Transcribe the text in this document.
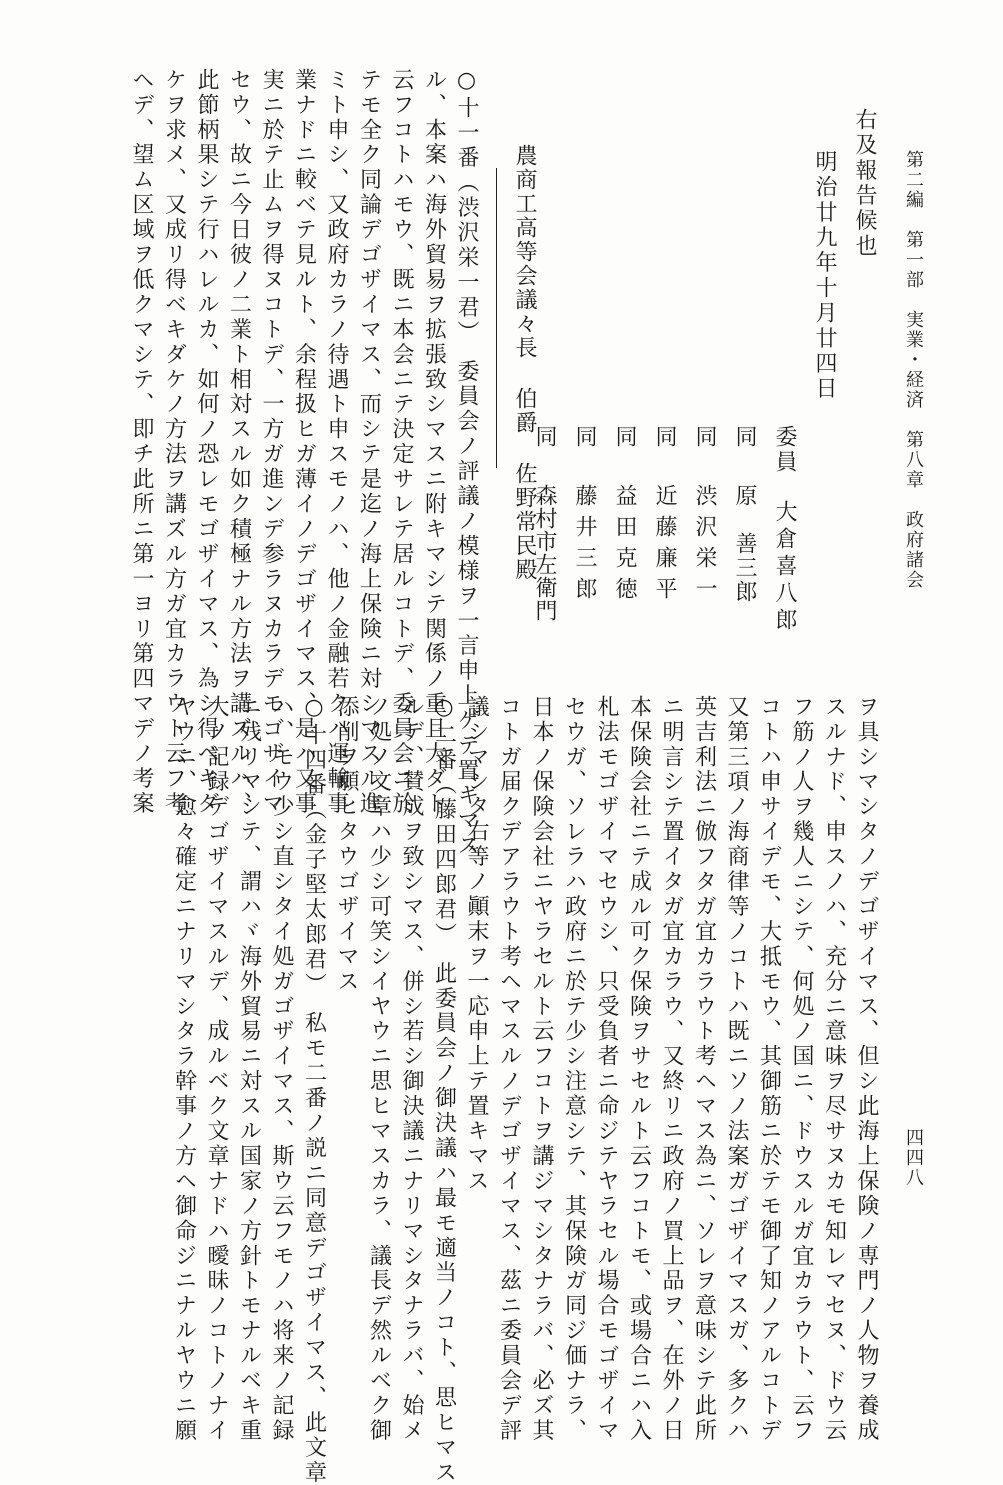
第二編　第一部　実業・経済　第八章　政府諸会
四四八
右及報告候也
明治廿九年十月廿四日
委員
大倉喜八郎
同
原　善三郎
同
渋沢栄一
同
近藤廉平
同
益田克徳
同
藤井三郎
同
森村市左衛門
農商工高等会議々長 伯爵 佐野常民殿
○十一番（渋沢栄一君）　委員会ノ評議ノ模様ヲ一言申上ゲテ置キマス
ル、本案ハ海外貿易ヲ拡張致シマスニ附キマシテ関係ノ重且大ダト
云フコトハモウ、既ニ本会ニテ決定サレテ居ルコトデ、委員会ニ於
テモ全ク同論デゴザイマス、而シテ是迄ノ海上保険ニ対シマスル進
ミト申シ、又政府カラノ待遇ト申スモノハ、他ノ金融若クハ運輸事
業ナドニ較ベテ見ルト、余程扱ヒガ薄イノデゴザイマス、是ハ又事
実ニ於テ止ムヲ得ヌコトデ、一方ガ進ンデ参ラヌカラデモゴザイマ
セウ、故ニ今日彼ノ二業ト相対スル如ク積極ナル方法ヲ講ズルハ、
此節柄果シテ行ハレルカ、如何ノ恐レモゴザイマス、為シ得ベキダ
ケヲ求メ、又成リ得ベキダケノ方法ヲ講ズル方ガ宜カラウト云フ考
ヘデ、望ム区域ヲ低クマシテ、即チ此所ニ第一ヨリ第四マデノ考案
ヲ具シマシタノデゴザイマス、但シ此海上保険ノ専門ノ人物ヲ養成
スルナド、申スノハ、充分ニ意味ヲ尽サヌカモ知レマセヌ、ドウ云
フ筋ノ人ヲ幾人ニシテ、何処ノ国ニ、ドウスルガ宜カラウト、云フ
コトハ申サイデモ、大抵モウ、其御筋ニ於テモ御了知ノアルコトデ
又第三項ノ海商律等ノコトハ既ニソノ法案ガゴザイマスガ、多クハ
英吉利法ニ倣フタガ宜カラウト考ヘマス為ニ、ソレヲ意味シテ此所
ニ明言シテ置イタガ宜カラウ、又終リニ政府ノ買上品ヲ、在外ノ日
本保険会社ニテ成ル可ク保険ヲサセルト云フコトモ、或場合ニハ入
札法モゴザイマセウシ、只受負者ニ命ジテヤラセル場合モゴザイマ
セウガ、ソレラハ政府ニ於テ少シ注意シテ、其保険ガ同ジ価ナラ、
日本ノ保険会社ニヤラセルト云フコトヲ講ジマシタナラバ、必ズ其
コトガ届クデアラウト考ヘマスルノデゴザイマス、茲ニ委員会デ評
議シマシタ右等ノ顚末ヲ一応申上テ置キマス
○二番（藤田四郎君）　此委員会ノ御決議ハ最モ適当ノコト、思ヒマス
ルデ、賛成ヲ致シマス、併シ若シ御決議ニナリマシタナラバ、始メ
ノ処ノ文章ハ少シ可笑シイヤウニ思ヒマスカラ、議長デ然ルベク御
添削ヲ願ヒタウゴザイマス
○十四番（金子堅太郎君）　私モ二番ノ説ニ同意デゴザイマス、此文章
ハ、モウ少シ直シタイ処ガゴザイマス、斯ウ云フモノハ将来ノ記録
ニ残リマシテ、謂ハヾ海外貿易ニ対スル国家ノ方針トモナルベキ重
大ノ記録デゴザイマスルデ、成ルベク文章ナドハ曖昧ノコトノナイ
ヤウニ、愈々確定ニナリマシタラ幹事ノ方ヘ御命ジニナルヤウニ願
